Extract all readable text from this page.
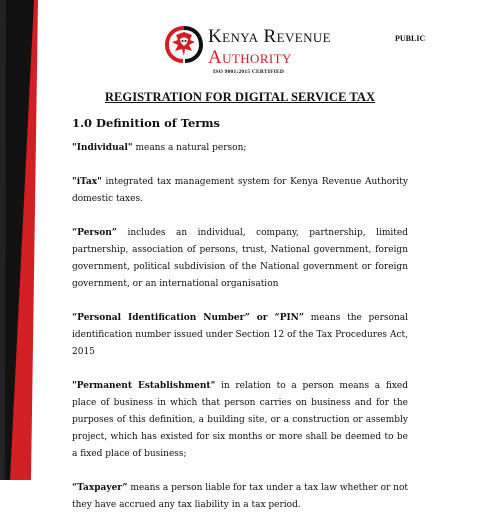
Kenya Revenue
Authority
ISO 9001:2015 CERTIFIED
PUBLIC
REGISTRATION FOR DIGITAL SERVICE TAX
1.0 Definition of Terms

"Individual" means a natural person;

"iTax" integrated tax management system for Kenya Revenue Authority domestic taxes.

“Person” includes an individual, company, partnership, limited partnership, association of persons, trust, National government, foreign government, political subdivision of the National government or foreign government, or an international organisation

“Personal Identification Number” or “PIN” means the personal identification number issued under Section 12 of the Tax Procedures Act, 2015

"Permanent Establishment" in relation to a person means a fixed place of business in which that person carries on business and for the purposes of this definition, a building site, or a construction or assembly project, which has existed for six months or more shall be deemed to be a fixed place of business;

“Taxpayer” means a person liable for tax under a tax law whether or not they have accrued any tax liability in a tax period.
